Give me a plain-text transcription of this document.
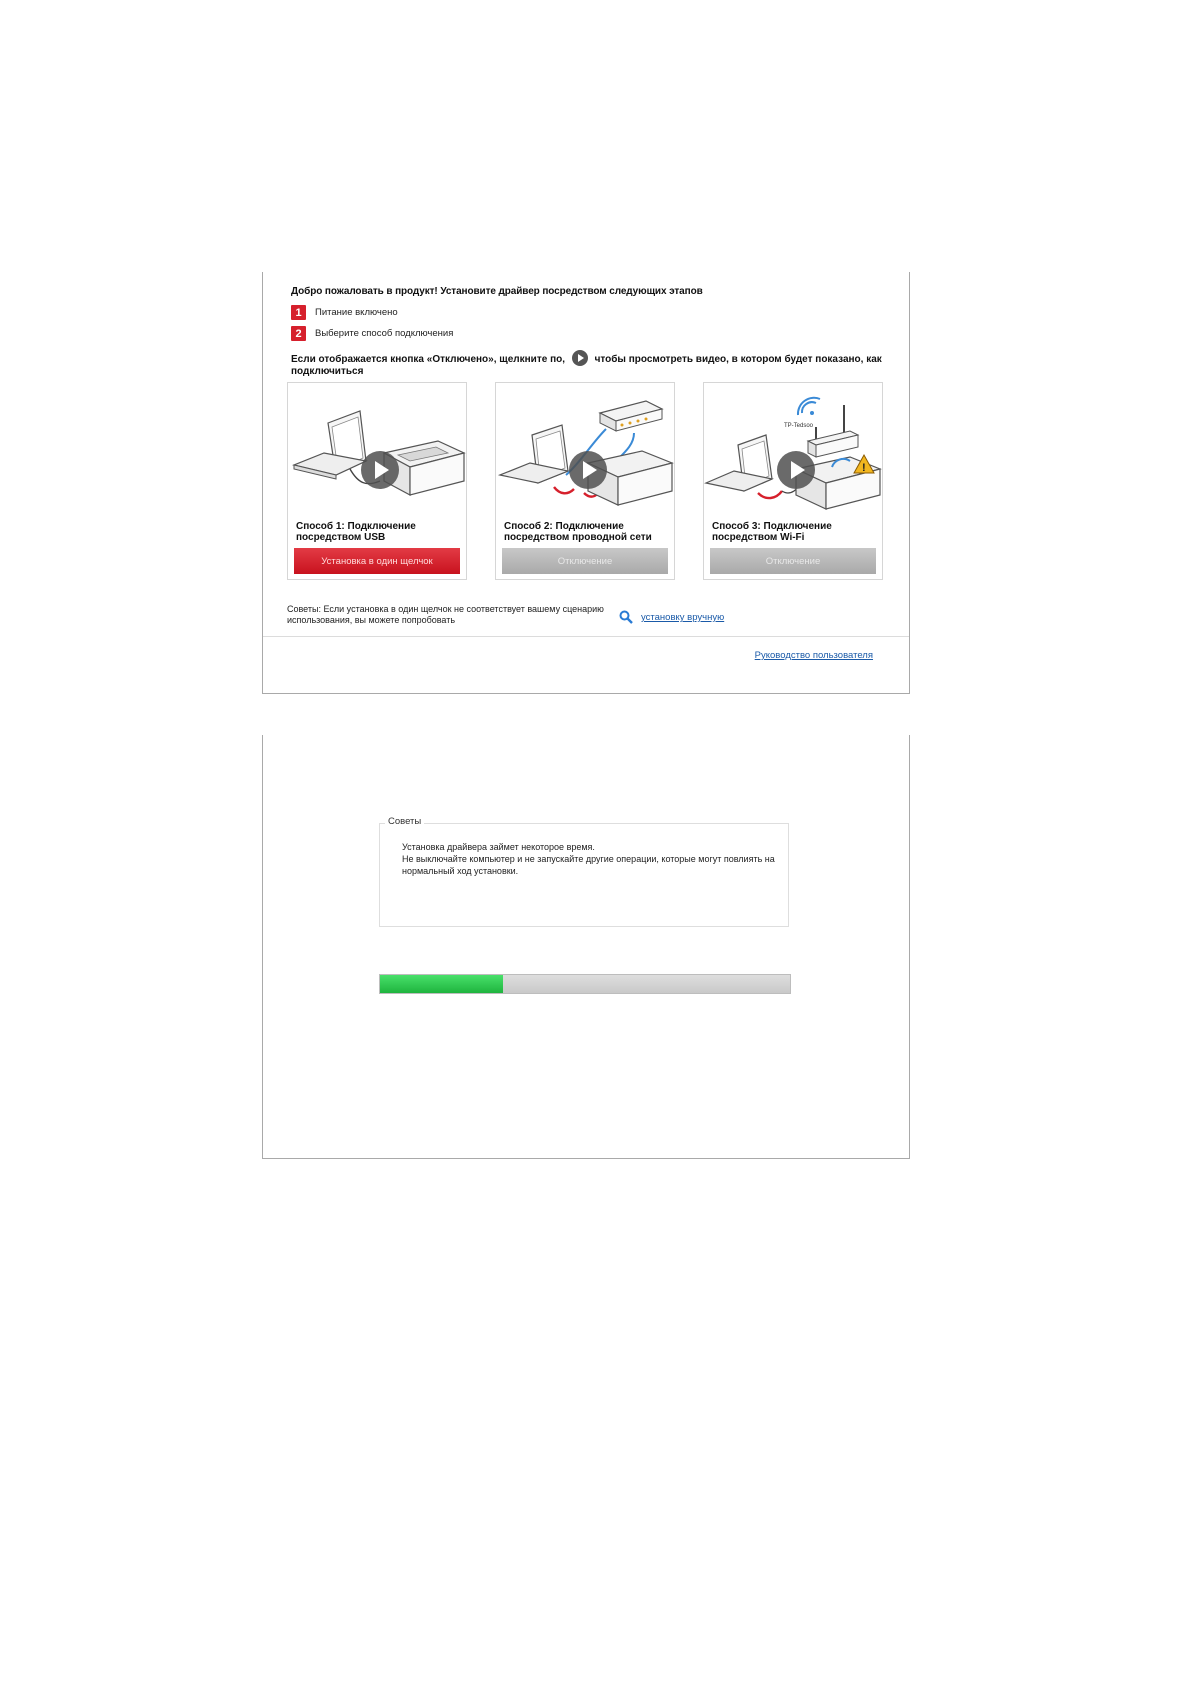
Добро пожаловать в продукт! Установите драйвер посредством следующих этапов
1	Питание включено
2	Выберите способ подключения
Если отображается кнопка «Отключено», щелкните по,	чтобы просмотреть видео, в котором будет показано, как подключиться
Способ 1: Подключение посредством USB
Установка в один щелчок
Способ 2: Подключение посредством проводной сети
Отключение
TP-Tedsoo
!
Способ 3: Подключение посредством Wi-Fi
Отключение
Советы: Если установка в один щелчок не соответствует вашему сценарию использования, вы можете попробовать	установку вручную
Руководство пользователя
Установка драйвера займет некоторое время.
Не выключайте компьютер и не запускайте другие операции, которые могут повлиять на нормальный ход установки.
Советы
